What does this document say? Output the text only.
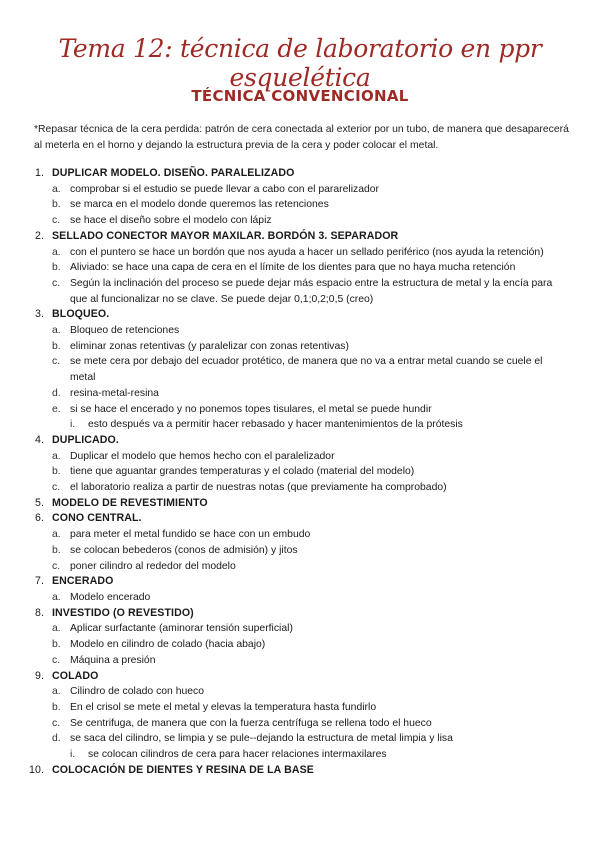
Tema 12: técnica de laboratorio en ppr esquelética
TÉCNICA CONVENCIONAL
*Repasar técnica de la cera perdida: patrón de cera conectada al exterior por un tubo, de manera que desaparecerá al meterla en el horno y dejando la estructura previa de la cera y poder colocar el metal.
1. DUPLICAR MODELO. DISEÑO. PARALELIZADO
a. comprobar si el estudio se puede llevar a cabo con el pararelizador
b. se marca en el modelo donde queremos las retenciones
c. se hace el diseño sobre el modelo con lápiz
2. SELLADO CONECTOR MAYOR MAXILAR. BORDÓN 3. SEPARADOR
a. con el puntero se hace un bordón que nos ayuda a hacer un sellado periférico (nos ayuda la retención)
b. Aliviado: se hace una capa de cera en el límite de los dientes para que no haya mucha retención
c. Según la inclinación del proceso se puede dejar más espacio entre la estructura de metal y la encía para que al funcionalizar no se clave. Se puede dejar 0,1;0,2;0,5 (creo)
3. BLOQUEO.
a. Bloqueo de retenciones
b. eliminar zonas retentivas (y paralelizar con zonas retentivas)
c. se mete cera por debajo del ecuador protético, de manera que no va a entrar metal cuando se cuele el metal
d. resina-metal-resina
e. si se hace el encerado y no ponemos topes tisulares, el metal se puede hundir
i. esto después va a permitir hacer rebasado y hacer mantenimientos de la prótesis
4. DUPLICADO.
a. Duplicar el modelo que hemos hecho con el paralelizador
b. tiene que aguantar grandes temperaturas y el colado (material del modelo)
c. el laboratorio realiza a partir de nuestras notas (que previamente ha comprobado)
5. MODELO DE REVESTIMIENTO
6. CONO CENTRAL.
a. para meter el metal fundido se hace con un embudo
b. se colocan bebederos (conos de admisión) y jitos
c. poner cilindro al rededor del modelo
7. ENCERADO
a. Modelo encerado
8. INVESTIDO (O REVESTIDO)
a. Aplicar surfactante (aminorar tensión superficial)
b. Modelo en cilindro de colado (hacia abajo)
c. Máquina a presión
9. COLADO
a. Cilindro de colado con hueco
b. En el crisol se mete el metal y elevas la temperatura hasta fundirlo
c. Se centrifuga, de manera que con la fuerza centrífuga se rellena todo el hueco
d. se saca del cilindro, se limpia y se pule--dejando la estructura de metal limpia y lisa
i. se colocan cilindros de cera para hacer relaciones intermaxilares
10. COLOCACIÓN DE DIENTES Y RESINA DE LA BASE
